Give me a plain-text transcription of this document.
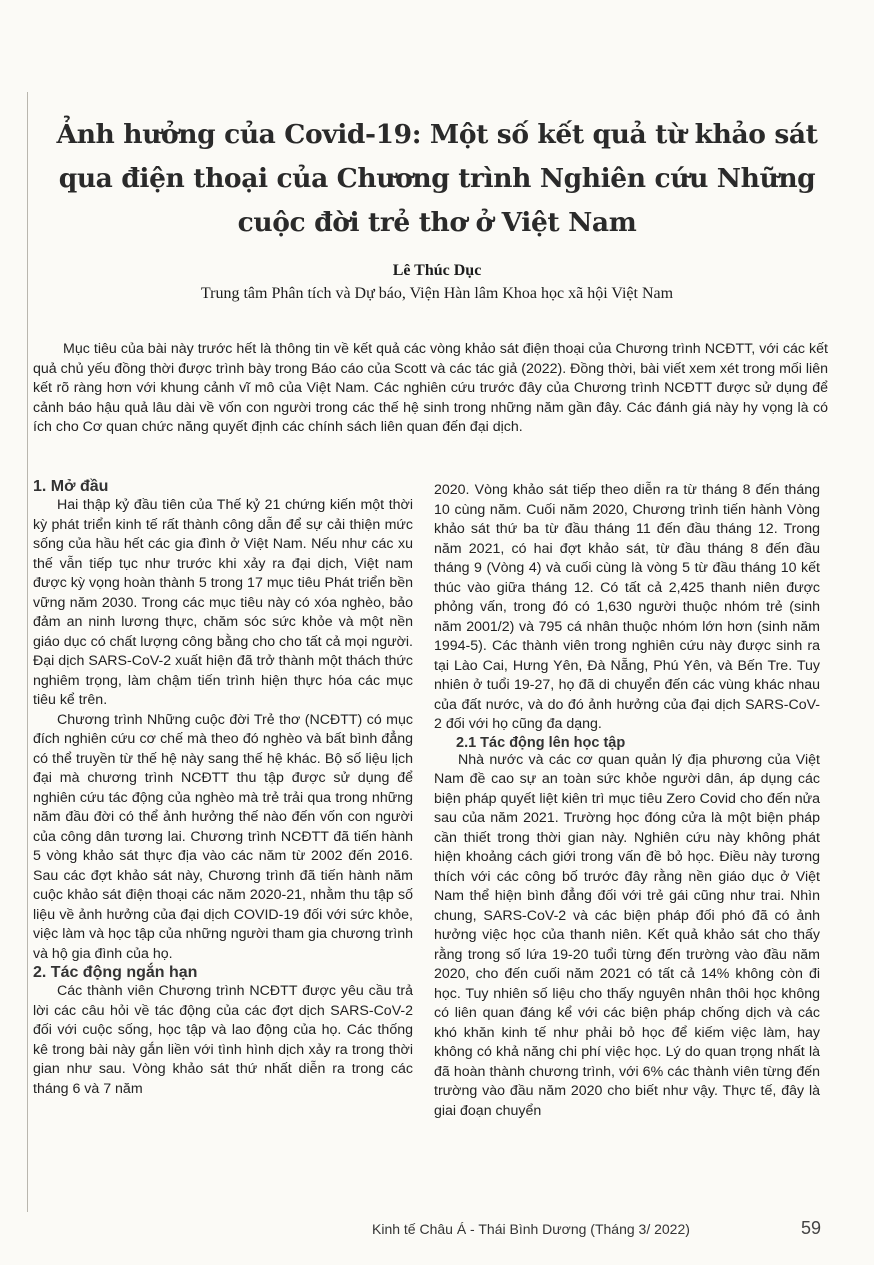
Ảnh hưởng của Covid-19: Một số kết quả từ khảo sát qua điện thoại của Chương trình Nghiên cứu Những cuộc đời trẻ thơ ở Việt Nam

Lê Thúc Dục

Trung tâm Phân tích và Dự báo, Viện Hàn lâm Khoa học xã hội Việt Nam

Mục tiêu của bài này trước hết là thông tin về kết quả các vòng khảo sát điện thoại của Chương trình NCĐTT, với các kết quả chủ yếu đồng thời được trình bày trong Báo cáo của Scott và các tác giả (2022). Đồng thời, bài viết xem xét trong mối liên kết rõ ràng hơn với khung cảnh vĩ mô của Việt Nam. Các nghiên cứu trước đây của Chương trình NCĐTT được sử dụng để cảnh báo hậu quả lâu dài về vốn con người trong các thế hệ sinh trong những năm gần đây. Các đánh giá này hy vọng là có ích cho Cơ quan chức năng quyết định các chính sách liên quan đến đại dịch.

1. Mở đầu

Hai thập kỷ đầu tiên của Thế kỷ 21 chứng kiến một thời kỳ phát triển kinh tế rất thành công dẫn để sự cải thiện mức sống của hầu hết các gia đình ở Việt Nam. Nếu như các xu thế vẫn tiếp tục như trước khi xảy ra đại dịch, Việt nam được kỳ vọng hoàn thành 5 trong 17 mục tiêu Phát triển bền vững năm 2030. Trong các mục tiêu này có xóa nghèo, bảo đảm an ninh lương thực, chăm sóc sức khỏe và một nền giáo dục có chất lượng công bằng cho cho tất cả mọi người. Đại dịch SARS-CoV-2 xuất hiện đã trở thành một thách thức nghiêm trọng, làm chậm tiến trình hiện thực hóa các mục tiêu kể trên.

Chương trình Những cuộc đời Trẻ thơ (NCĐTT) có mục đích nghiên cứu cơ chế mà theo đó nghèo và bất bình đẳng có thể truyền từ thế hệ này sang thế hệ khác. Bộ số liệu lịch đại mà chương trình NCĐTT thu tập được sử dụng để nghiên cứu tác động của nghèo mà trẻ trải qua trong những năm đầu đời có thể ảnh hưởng thế nào đến vốn con người của công dân tương lai. Chương trình NCĐTT đã tiến hành 5 vòng khảo sát thực địa vào các năm từ 2002 đến 2016. Sau các đợt khảo sát này, Chương trình đã tiến hành năm cuộc khảo sát điện thoại các năm 2020-21, nhằm thu tập số liệu về ảnh hưởng của đại dịch COVID-19 đối với sức khỏe, việc làm và học tập của những người tham gia chương trình và hộ gia đình của họ.

2. Tác động ngắn hạn

Các thành viên Chương trình NCĐTT được yêu cầu trả lời các câu hỏi về tác động của các đợt dịch SARS-CoV-2 đối với cuộc sống, học tập và lao động của họ. Các thống kê trong bài này gắn liền với tình hình dịch xảy ra trong thời gian như sau. Vòng khảo sát thứ nhất diễn ra trong các tháng 6 và 7 năm

2020. Vòng khảo sát tiếp theo diễn ra từ tháng 8 đến tháng 10 cùng năm. Cuối năm 2020, Chương trình tiến hành Vòng khảo sát thứ ba từ đầu tháng 11 đến đầu tháng 12. Trong năm 2021, có hai đợt khảo sát, từ đầu tháng 8 đến đầu tháng 9 (Vòng 4) và cuối cùng là vòng 5 từ đầu tháng 10 kết thúc vào giữa tháng 12. Có tất cả 2,425 thanh niên được phỏng vấn, trong đó có 1,630 người thuộc nhóm trẻ (sinh năm 2001/2) và 795 cá nhân thuộc nhóm lớn hơn (sinh năm 1994-5). Các thành viên trong nghiên cứu này được sinh ra tại Lào Cai, Hưng Yên, Đà Nẵng, Phú Yên, và Bến Tre. Tuy nhiên ở tuổi 19-27, họ đã di chuyển đến các vùng khác nhau của đất nước, và do đó ảnh hưởng của đại dịch SARS-CoV-2 đối với họ cũng đa dạng.

2.1 Tác động lên học tập

Nhà nước và các cơ quan quản lý địa phương của Việt Nam đề cao sự an toàn sức khỏe người dân, áp dụng các biện pháp quyết liệt kiên trì mục tiêu Zero Covid cho đến nửa sau của năm 2021. Trường học đóng cửa là một biện pháp cần thiết trong thời gian này. Nghiên cứu này không phát hiện khoảng cách giới trong vấn đề bỏ học. Điều này tương thích với các công bố trước đây rằng nền giáo dục ở Việt Nam thể hiện bình đẳng đối với trẻ gái cũng như trai. Nhìn chung, SARS-CoV-2 và các biện pháp đối phó đã có ảnh hưởng việc học của thanh niên. Kết quả khảo sát cho thấy rằng trong số lứa 19-20 tuổi từng đến trường vào đầu năm 2020, cho đến cuối năm 2021 có tất cả 14% không còn đi học. Tuy nhiên số liệu cho thấy nguyên nhân thôi học không có liên quan đáng kể với các biện pháp chống dịch và các khó khăn kinh tế như phải bỏ học để kiếm việc làm, hay không có khả năng chi phí việc học. Lý do quan trọng nhất là đã hoàn thành chương trình, với 6% các thành viên từng đến trường vào đầu năm 2020 cho biết như vậy. Thực tế, đây là giai đoạn chuyển

Kinh tế Châu Á - Thái Bình Dương (Tháng 3/ 2022)	59
